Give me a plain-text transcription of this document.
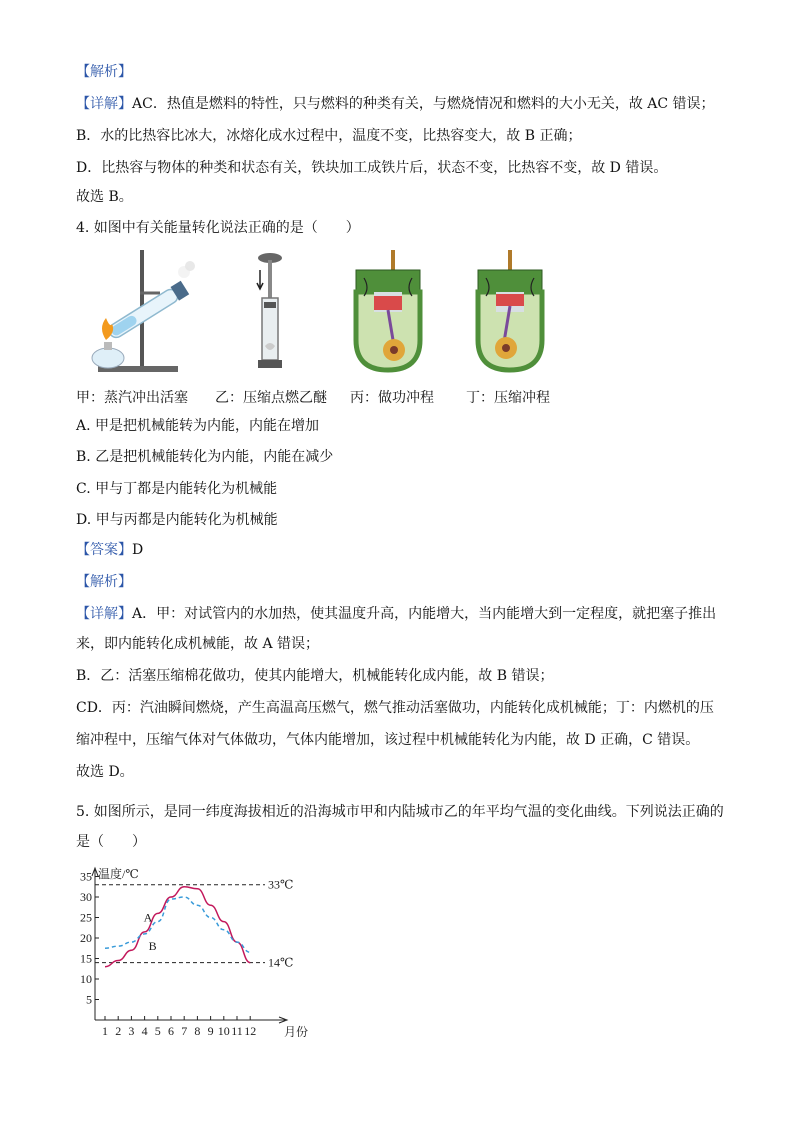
【解析】
【详解】AC．热值是燃料的特性，只与燃料的种类有关，与燃烧情况和燃料的大小无关，故 AC 错误；
B．水的比热容比冰大，冰熔化成水过程中，温度不变，比热容变大，故 B 正确；
D．比热容与物体的种类和状态有关，铁块加工成铁片后，状态不变，比热容不变，故 D 错误。
故选 B。
4. 如图中有关能量转化说法正确的是（　　）
甲：蒸汽冲出活塞 乙：压缩点燃乙醚 丙：做功冲程 丁：压缩冲程
A. 甲是把机械能转为内能，内能在增加
B. 乙是把机械能转化为内能，内能在减少
C. 甲与丁都是内能转化为机械能
D. 甲与丙都是内能转化为机械能
【答案】D
【解析】
【详解】A．甲：对试管内的水加热，使其温度升高，内能增大，当内能增大到一定程度，就把塞子推出
来，即内能转化成机械能，故 A 错误；
B．乙：活塞压缩棉花做功，使其内能增大，机械能转化成内能，故 B 错误；
CD．丙：汽油瞬间燃烧，产生高温高压燃气，燃气推动活塞做功，内能转化成机械能；丁：内燃机的压
缩冲程中，压缩气体对气体做功，气体内能增加，该过程中机械能转化为内能，故 D 正确，C 错误。
故选 D。
5. 如图所示，是同一纬度海拔相近的沿海城市甲和内陆城市乙的年平均气温的变化曲线。下列说法正确的
是（　　）
温度/℃
月份
5
10
15
20
25
30
35
1 2 3 4 5 6 7 8 9 10 11 12
33℃
14℃
A
B
